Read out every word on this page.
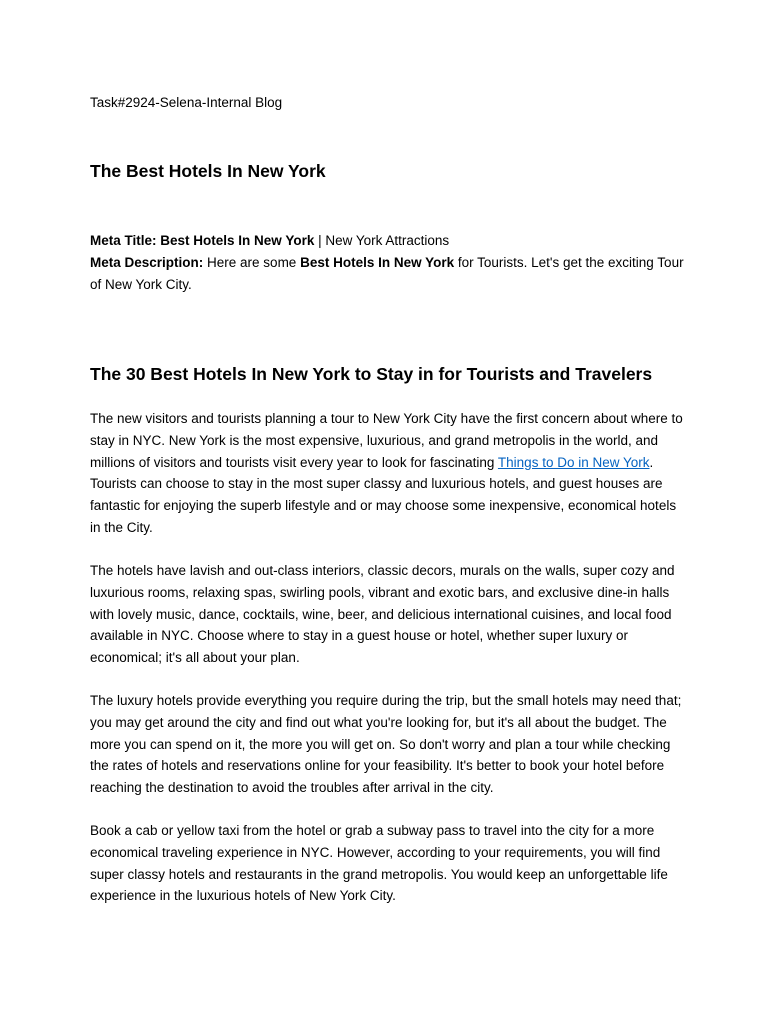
Task#2924-Selena-Internal Blog
The Best Hotels In New York

Meta Title: Best Hotels In New York | New York Attractions

Meta Description: Here are some Best Hotels In New York for Tourists. Let's get the exciting Tour of New York City.

The 30 Best Hotels In New York to Stay in for Tourists and Travelers

The new visitors and tourists planning a tour to New York City have the first concern about where to stay in NYC. New York is the most expensive, luxurious, and grand metropolis in the world, and millions of visitors and tourists visit every year to look for fascinating Things to Do in New York. Tourists can choose to stay in the most super classy and luxurious hotels, and guest houses are fantastic for enjoying the superb lifestyle and or may choose some inexpensive, economical hotels in the City.

The hotels have lavish and out-class interiors, classic decors, murals on the walls, super cozy and luxurious rooms, relaxing spas, swirling pools, vibrant and exotic bars, and exclusive dine-in halls with lovely music, dance, cocktails, wine, beer, and delicious international cuisines, and local food available in NYC. Choose where to stay in a guest house or hotel, whether super luxury or economical; it's all about your plan.

The luxury hotels provide everything you require during the trip, but the small hotels may need that; you may get around the city and find out what you're looking for, but it's all about the budget. The more you can spend on it, the more you will get on. So don't worry and plan a tour while checking the rates of hotels and reservations online for your feasibility. It's better to book your hotel before reaching the destination to avoid the troubles after arrival in the city.

Book a cab or yellow taxi from the hotel or grab a subway pass to travel into the city for a more economical traveling experience in NYC. However, according to your requirements, you will find super classy hotels and restaurants in the grand metropolis. You would keep an unforgettable life experience in the luxurious hotels of New York City.
